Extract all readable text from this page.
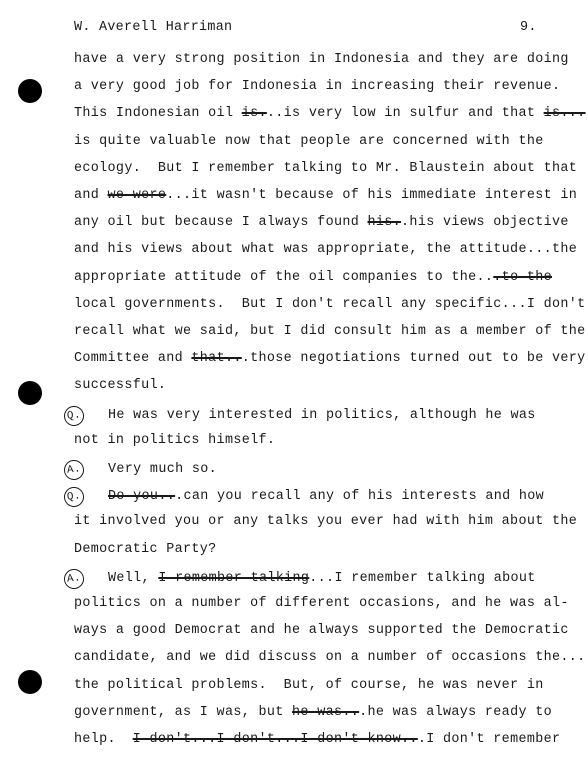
W. Averell Harriman	9.
have a very strong position in Indonesia and they are doing
a very good job for Indonesia in increasing their revenue.
This Indonesian oil is...is very low in sulfur and that is...
is quite valuable now that people are concerned with the
ecology.  But I remember talking to Mr. Blaustein about that
and we were...it wasn't because of his immediate interest in
any oil but because I always found his..his views objective
and his views about what was appropriate, the attitude...the
appropriate attitude of the oil companies to the...to the
local governments.  But I don't recall any specific...I don't
recall what we said, but I did consult him as a member of the
Committee and that...those negotiations turned out to be very
successful.
Q. He was very interested in politics, although he was
not in politics himself.
A. Very much so.
Q. Do you...can you recall any of his interests and how
it involved you or any talks you ever had with him about the
Democratic Party?
A. Well, I remember talking...I remember talking about
politics on a number of different occasions, and he was al-
ways a good Democrat and he always supported the Democratic
candidate, and we did discuss on a number of occasions the...
the political problems.  But, of course, he was never in
government, as I was, but he was...he was always ready to
help.  I don't...I don't...I don't know...I don't remember
